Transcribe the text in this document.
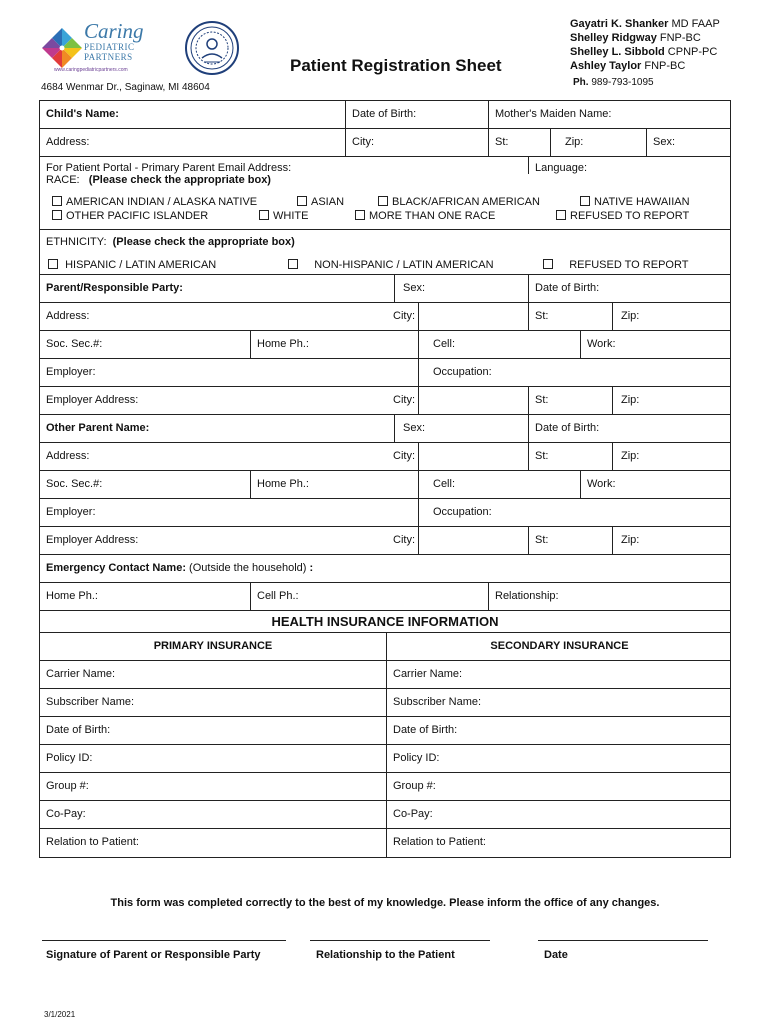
Caring
PEDIATRIC
PARTNERS
www.caringpediatricpartners.com	Patient Registration Sheet
4684 Wenmar Dr., Saginaw, MI 48604
Gayatri K. Shanker MD FAAP
Shelley Ridgway FNP-BC
Shelley L. Sibbold CPNP-PC
Ashley Taylor FNP-BC
Ph. 989-793-1095
Child's Name:	Date of Birth:	Mother's Maiden Name:
Address:	City:	St:	Zip:	Sex:
For Patient Portal - Primary Parent Email Address:	Language:
RACE: (Please check the appropriate box)
AMERICAN INDIAN / ALASKA NATIVE	ASIAN	BLACK/AFRICAN AMERICAN	NATIVE HAWAIIAN
OTHER PACIFIC ISLANDER	WHITE	MORE THAN ONE RACE	REFUSED TO REPORT
ETHNICITY: (Please check the appropriate box)
HISPANIC / LATIN AMERICAN	NON-HISPANIC / LATIN AMERICAN	REFUSED TO REPORT
Parent/Responsible Party:	Sex:	Date of Birth:
Address:	City:	St:	Zip:
Soc. Sec.#:	Home Ph.:	Cell:	Work:
Employer:	Occupation:
Employer Address:	City:	St:	Zip:
Other Parent Name:	Sex:	Date of Birth:
Address:	City:	St:	Zip:
Soc. Sec.#:	Home Ph.:	Cell:	Work:
Employer:	Occupation:
Employer Address:	City:	St:	Zip:
Emergency Contact Name: (Outside the household) :
Home Ph.:	Cell Ph.:	Relationship:
HEALTH INSURANCE INFORMATION
PRIMARY INSURANCE	SECONDARY INSURANCE
Carrier Name:	Carrier Name:
Subscriber Name:	Subscriber Name:
Date of Birth:	Date of Birth:
Policy ID:	Policy ID:
Group #:	Group #:
Co-Pay:	Co-Pay:
Relation to Patient:	Relation to Patient:
This form was completed correctly to the best of my knowledge. Please inform the office of any changes.
Signature of Parent or Responsible Party	Relationship to the Patient	Date
3/1/2021
